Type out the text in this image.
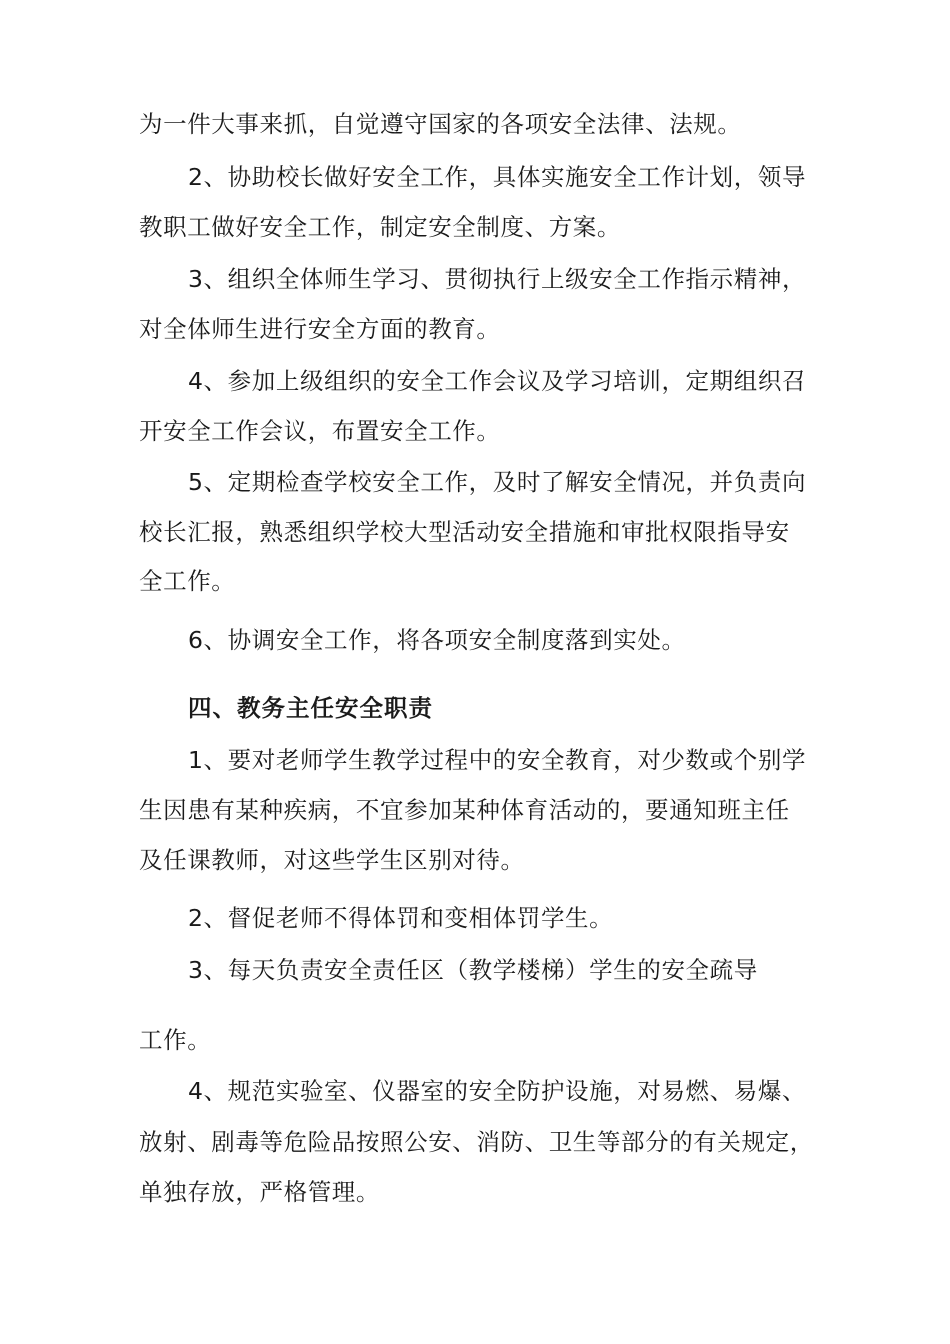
为一件大事来抓，自觉遵守国家的各项安全法律、法规。
2、协助校长做好安全工作，具体实施安全工作计划，领导
教职工做好安全工作，制定安全制度、方案。
3、组织全体师生学习、贯彻执行上级安全工作指示精神，
对全体师生进行安全方面的教育。
4、参加上级组织的安全工作会议及学习培训，定期组织召
开安全工作会议，布置安全工作。
5、定期检查学校安全工作，及时了解安全情况，并负责向
校长汇报，熟悉组织学校大型活动安全措施和审批权限指导安
全工作。
6、协调安全工作，将各项安全制度落到实处。
四、教务主任安全职责
1、要对老师学生教学过程中的安全教育，对少数或个别学
生因患有某种疾病，不宜参加某种体育活动的，要通知班主任
及任课教师，对这些学生区别对待。
2、督促老师不得体罚和变相体罚学生。
3、每天负责安全责任区（教学楼梯）学生的安全疏导
工作。
4、规范实验室、仪器室的安全防护设施，对易燃、易爆、
放射、剧毒等危险品按照公安、消防、卫生等部分的有关规定，
单独存放，严格管理。
